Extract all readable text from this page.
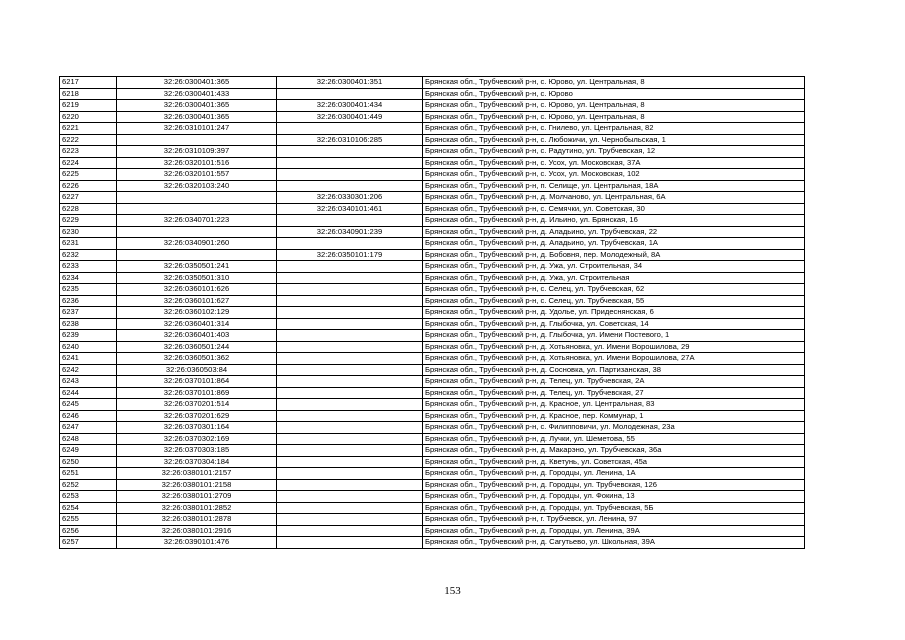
6217	32:26:0300401:365	32:26:0300401:351	Брянская обл., Трубчевский р-н, с. Юрово, ул. Центральная, 8
6218	32:26:0300401:433		Брянская обл., Трубчевский р-н, с. Юрово
6219	32:26:0300401:365	32:26:0300401:434	Брянская обл., Трубчевский р-н, с. Юрово, ул. Центральная, 8
6220	32:26:0300401:365	32:26:0300401:449	Брянская обл., Трубчевский р-н, с. Юрово, ул. Центральная, 8
6221	32:26:0310101:247		Брянская обл., Трубчевский р-н, с. Гнилево, ул. Центральная, 82
6222		32:26:0310106:285	Брянская обл., Трубчевский р-н, с. Любожичи, ул. Чернобыльская, 1
6223	32:26:0310109:397		Брянская обл., Трубчевский р-н, с. Радутино, ул. Трубчевская, 12
6224	32:26:0320101:516		Брянская обл., Трубчевский р-н, с. Усох, ул. Московская, 37А
6225	32:26:0320101:557		Брянская обл., Трубчевский р-н, с. Усох, ул. Московская, 102
6226	32:26:0320103:240		Брянская обл., Трубчевский р-н, п. Селище, ул. Центральная, 18А
6227		32:26:0330301:206	Брянская обл., Трубчевский р-н, д. Молчаново, ул. Центральная, 6А
6228		32:26:0340101:461	Брянская обл., Трубчевский р-н, с. Семячки, ул. Советская, 30
6229	32:26:0340701:223		Брянская обл., Трубчевский р-н, д. Ильино, ул. Брянская, 16
6230		32:26:0340901:239	Брянская обл., Трубчевский р-н, д. Аладьино, ул. Трубчевская, 22
6231	32:26:0340901:260		Брянская обл., Трубчевский р-н, д. Аладьино, ул. Трубчевская, 1А
6232		32:26:0350101:179	Брянская обл., Трубчевский р-н, д. Бобовня, пер. Молодежный, 8А
6233	32:26:0350501:241		Брянская обл., Трубчевский р-н, д. Ужа, ул. Строительная, 34
6234	32:26:0350501:310		Брянская обл., Трубчевский р-н, д. Ужа, ул. Строительная
6235	32:26:0360101:626		Брянская обл., Трубчевский р-н, с. Селец, ул. Трубчевская, 62
6236	32:26:0360101:627		Брянская обл., Трубчевский р-н, с. Селец, ул. Трубчевская, 55
6237	32:26:0360102:129		Брянская обл., Трубчевский р-н, д. Удолье, ул. Придеснянская, 6
6238	32:26:0360401:314		Брянская обл., Трубчевский р-н, д. Глыбочка, ул. Советская, 14
6239	32:26:0360401:403		Брянская обл., Трубчевский р-н, д. Глыбочка, ул. Имени Постевого, 1
6240	32:26:0360501:244		Брянская обл., Трубчевский р-н, д. Хотьяновка, ул. Имени Ворошилова, 29
6241	32:26:0360501:362		Брянская обл., Трубчевский р-н, д. Хотьяновка, ул. Имени Ворошилова, 27А
6242	32:26:0360503:84		Брянская обл., Трубчевский р-н, д. Сосновка, ул. Партизанская, 38
6243	32:26:0370101:864		Брянская обл., Трубчевский р-н, д. Телец, ул. Трубчевская, 2А
6244	32:26:0370101:869		Брянская обл., Трубчевский р-н, д. Телец, ул. Трубчевская, 27
6245	32:26:0370201:514		Брянская обл., Трубчевский р-н, д. Красное, ул. Центральная, 83
6246	32:26:0370201:629		Брянская обл., Трубчевский р-н, д. Красное, пер. Коммунар, 1
6247	32:26:0370301:164		Брянская обл., Трубчевский р-н, с. Филипповичи, ул. Молодежная, 23а
6248	32:26:0370302:169		Брянская обл., Трубчевский р-н, д. Лучки, ул. Шеметова, 55
6249	32:26:0370303:185		Брянская обл., Трубчевский р-н, д. Макарэно, ул. Трубчевская, 36а
6250	32:26:0370304:184		Брянская обл., Трубчевский р-н, д. Кветунь, ул. Советская, 45а
6251	32:26:0380101:2157		Брянская обл., Трубчевский р-н, д. Городцы, ул. Ленина, 1А
6252	32:26:0380101:2158		Брянская обл., Трубчевский р-н, д. Городцы, ул. Трубчевская, 126
6253	32:26:0380101:2709		Брянская обл., Трубчевский р-н, д. Городцы, ул. Фокина, 13
6254	32:26:0380101:2852		Брянская обл., Трубчевский р-н, д. Городцы, ул. Трубчевская, 5Б
6255	32:26:0380101:2878		Брянская обл., Трубчевский р-н, г. Трубчевск, ул. Ленина, 97
6256	32:26:0380101:2916		Брянская обл., Трубчевский р-н, д. Городцы, ул. Ленина, 39А
6257	32:26:0390101:476		Брянская обл., Трубчевский р-н, д. Сагутьево, ул. Школьная, 39А
153
